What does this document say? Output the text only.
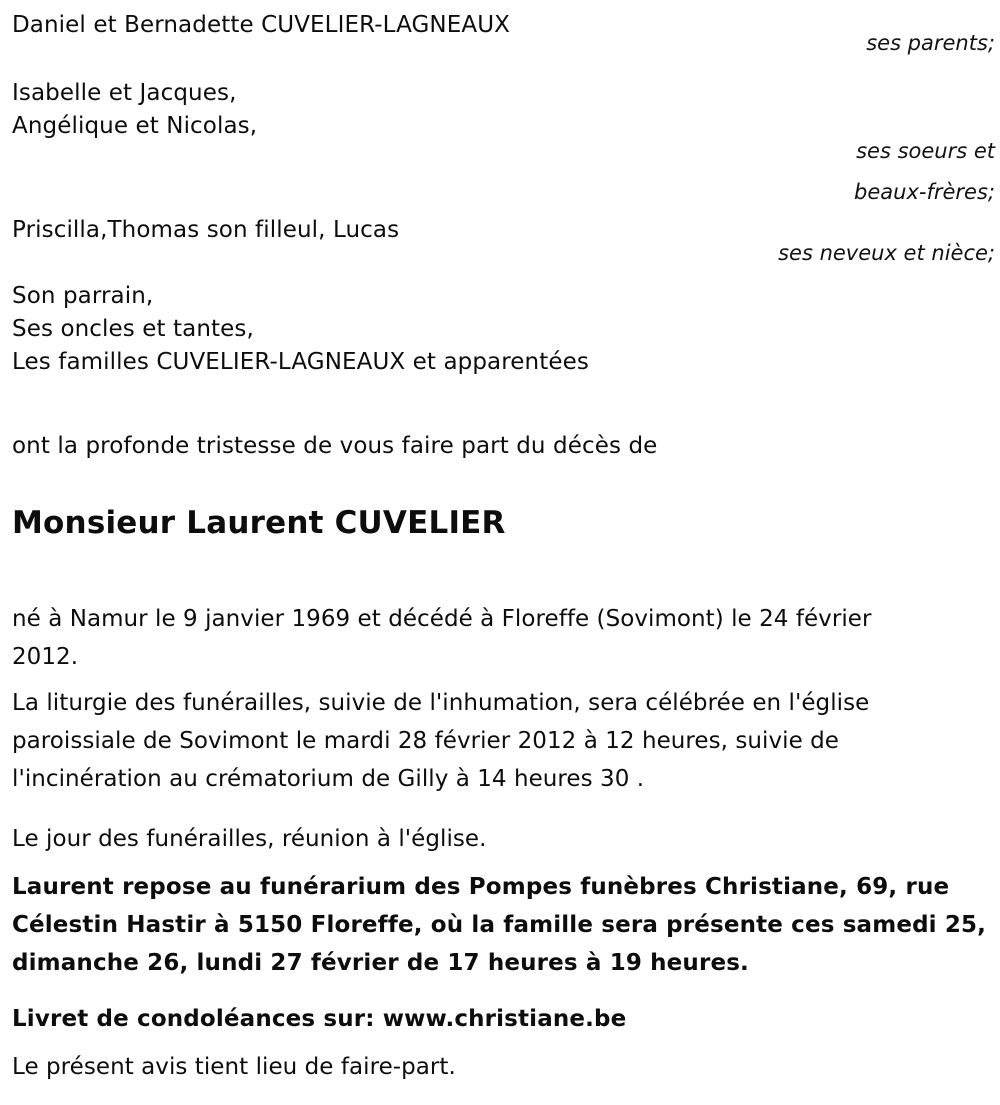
Daniel et Bernadette CUVELIER-LAGNEAUX
ses parents;
Isabelle et Jacques,
Angélique et Nicolas,
ses soeurs et
beaux-frères;
Priscilla,Thomas son filleul, Lucas
ses neveux et nièce;
Son parrain,
Ses oncles et tantes,
Les familles CUVELIER-LAGNEAUX et apparentées
ont la profonde tristesse de vous faire part du décès de
Monsieur Laurent CUVELIER
né à Namur le 9 janvier 1969 et décédé à Floreffe (Sovimont) le 24 février 2012.
La liturgie des funérailles, suivie de l'inhumation, sera célébrée en l'église paroissiale de Sovimont le mardi 28 février 2012 à 12 heures, suivie de l'incinération au crématorium de Gilly à 14 heures 30 .
Le jour des funérailles, réunion à l'église.
Laurent repose au funérarium des Pompes funèbres Christiane, 69, rue Célestin Hastir à 5150 Floreffe, où la famille sera présente ces samedi 25, dimanche 26, lundi 27 février de 17 heures à 19 heures.
Livret de condoléances sur: www.christiane.be
Le présent avis tient lieu de faire-part.
